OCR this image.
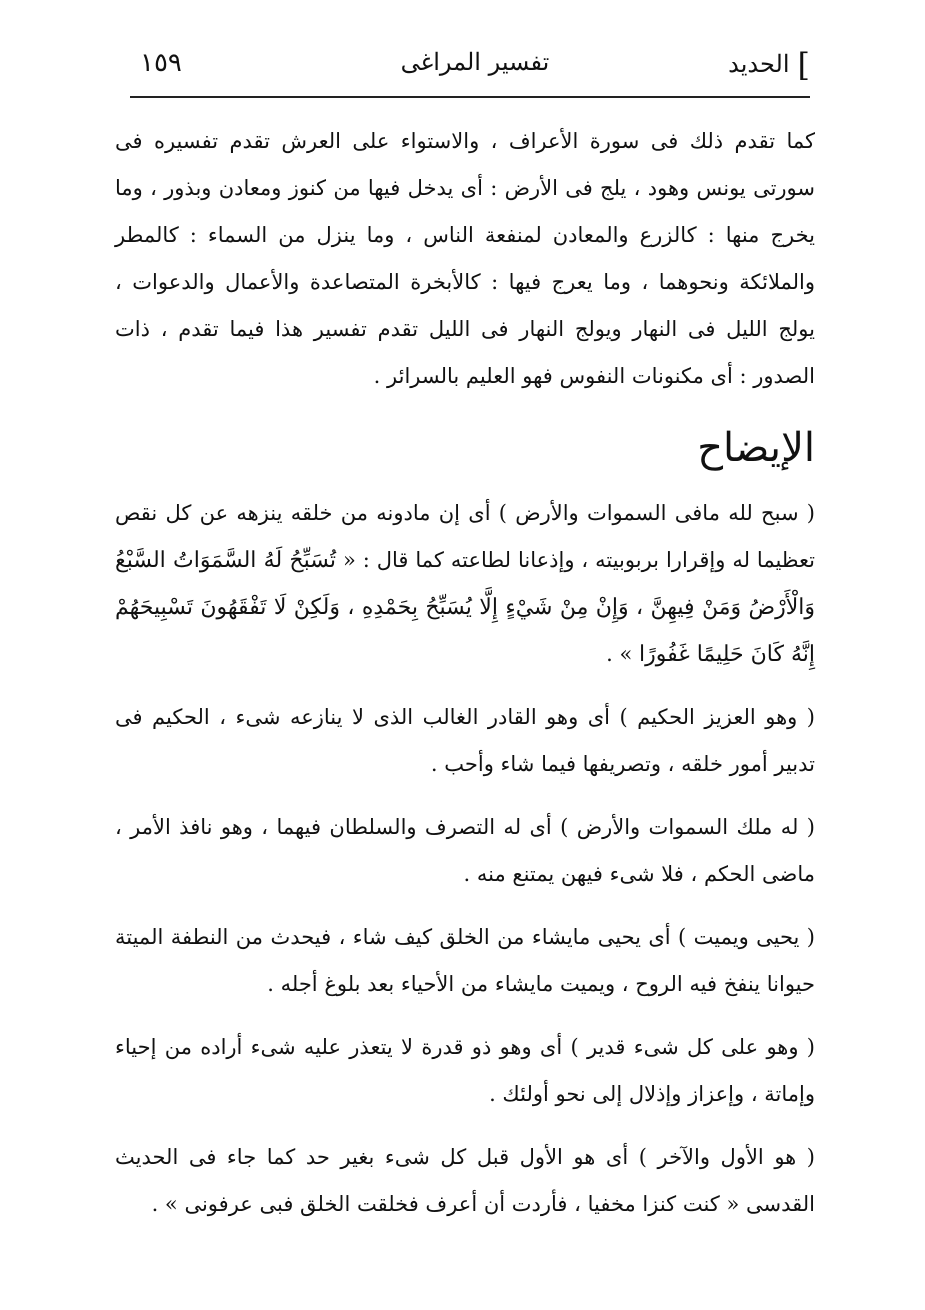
١٥٩	تفسير المراغى	]الحديد

كما تقدم ذلك فى سورة الأعراف ، والاستواء على العرش تقدم تفسيره فى سورتى يونس وهود ، يلج فى الأرض : أى يدخل فيها من كنوز ومعادن وبذور ، وما يخرج منها : كالزرع والمعادن لمنفعة الناس ، وما ينزل من السماء : كالمطر والملائكة ونحوهما ، وما يعرج فيها : كالأبخرة المتصاعدة والأعمال والدعوات ، يولج الليل فى النهار ويولج النهار فى الليل تقدم تفسير هذا فيما تقدم ، ذات الصدور : أى مكنونات النفوس فهو العليم بالسرائر .

الإيضاح

( سبح لله مافى السموات والأرض ) أى إن مادونه من خلقه ينزهه عن كل نقص تعظيما له وإقرارا بربوبيته ، وإذعانا لطاعته كما قال : « تُسَبِّحُ لَهُ السَّمَوَاتُ السَّبْعُ وَالْأَرْضُ وَمَنْ فِيهِنَّ ، وَإِنْ مِنْ شَيْءٍ إِلَّا يُسَبِّحُ بِحَمْدِهِ ، وَلَكِنْ لَا تَفْقَهُونَ تَسْبِيحَهُمْ إِنَّهُ كَانَ حَلِيمًا غَفُورًا » .

( وهو العزيز الحكيم ) أى وهو القادر الغالب الذى لا ينازعه شىء ، الحكيم فى تدبير أمور خلقه ، وتصريفها فيما شاء وأحب .

( له ملك السموات والأرض ) أى له التصرف والسلطان فيهما ، وهو نافذ الأمر ، ماضى الحكم ، فلا شىء فيهن يمتنع منه .

( يحيى ويميت ) أى يحيى مايشاء من الخلق كيف شاء ، فيحدث من النطفة الميتة حيوانا ينفخ فيه الروح ، ويميت مايشاء من الأحياء بعد بلوغ أجله .

( وهو على كل شىء قدير ) أى وهو ذو قدرة لا يتعذر عليه شىء أراده من إحياء وإماتة ، وإعزاز وإذلال إلى نحو أولئك .

( هو الأول والآخر ) أى هو الأول قبل كل شىء بغير حد كما جاء فى الحديث القدسى « كنت كنزا مخفيا ، فأردت أن أعرف فخلقت الخلق فبى عرفونى » .
